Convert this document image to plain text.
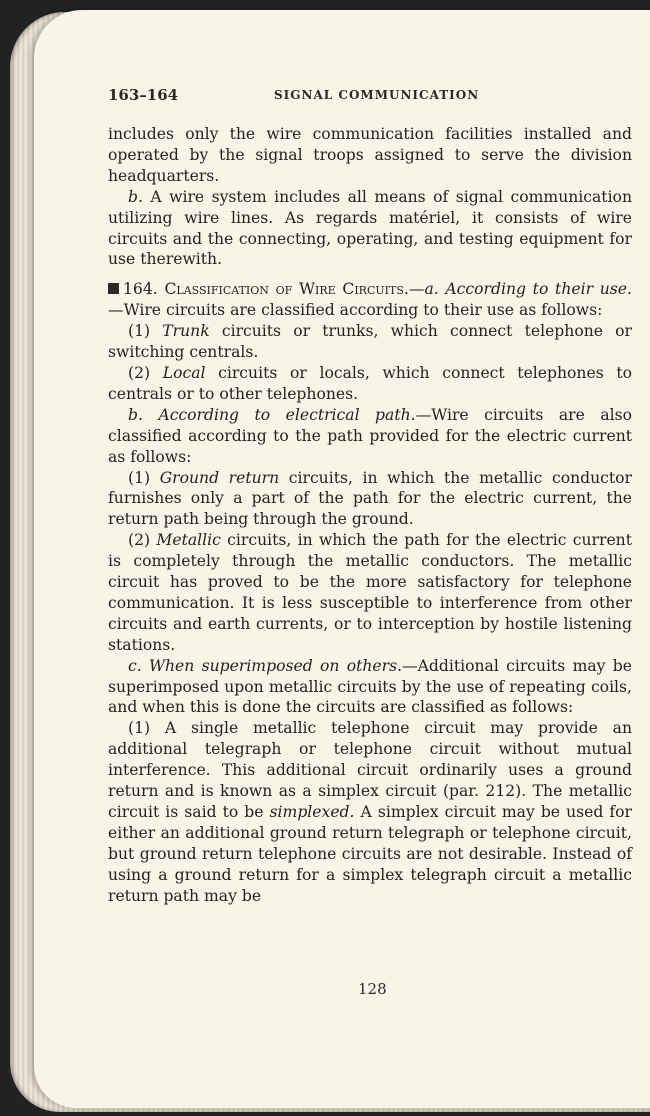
163–164	SIGNAL COMMUNICATION

includes only the wire communication facilities installed and operated by the signal troops assigned to serve the division headquarters.

b. A wire system includes all means of signal communication utilizing wire lines. As regards matériel, it consists of wire circuits and the connecting, operating, and testing equipment for use therewith.

164. Classification of Wire Circuits.—a. According to their use.—Wire circuits are classified according to their use as follows:

(1) Trunk circuits or trunks, which connect telephone or switching centrals.

(2) Local circuits or locals, which connect telephones to centrals or to other telephones.

b. According to electrical path.—Wire circuits are also classified according to the path provided for the electric current as follows:

(1) Ground return circuits, in which the metallic conductor furnishes only a part of the path for the electric current, the return path being through the ground.

(2) Metallic circuits, in which the path for the electric current is completely through the metallic conductors. The metallic circuit has proved to be the more satisfactory for telephone communication. It is less susceptible to interference from other circuits and earth currents, or to interception by hostile listening stations.

c. When superimposed on others.—Additional circuits may be superimposed upon metallic circuits by the use of repeating coils, and when this is done the circuits are classified as follows:

(1) A single metallic telephone circuit may provide an additional telegraph or telephone circuit without mutual interference. This additional circuit ordinarily uses a ground return and is known as a simplex circuit (par. 212). The metallic circuit is said to be simplexed. A simplex circuit may be used for either an additional ground return telegraph or telephone circuit, but ground return telephone circuits are not desirable. Instead of using a ground return for a simplex telegraph circuit a metallic return path may be

128
